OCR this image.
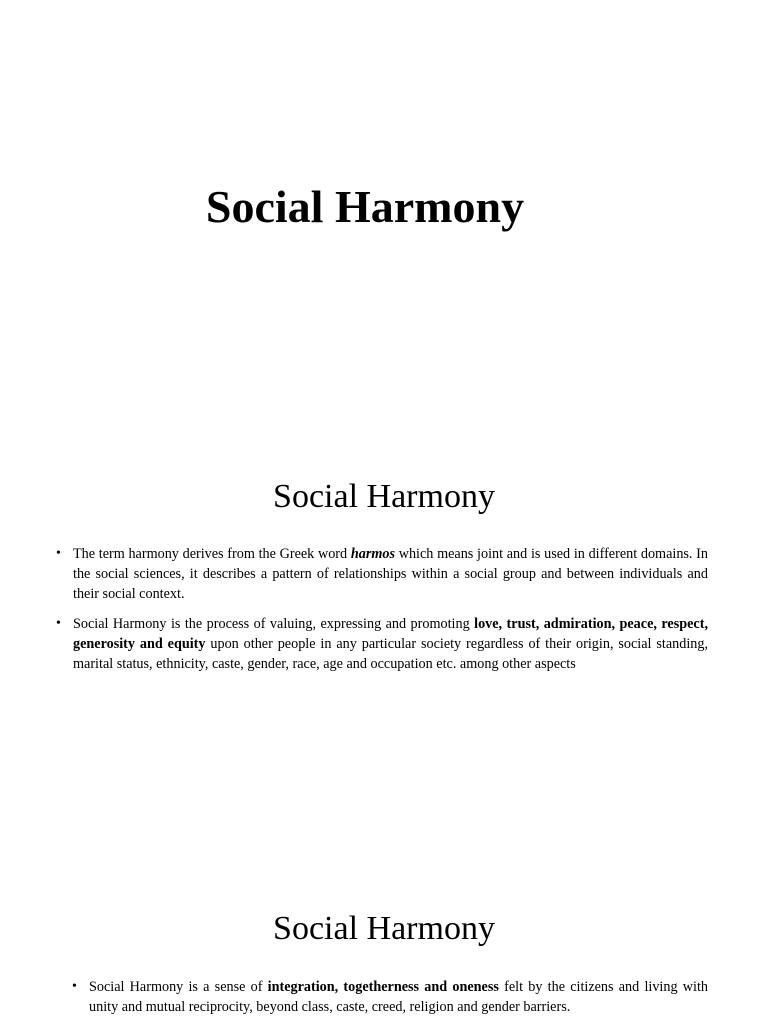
Social Harmony
Social Harmony
• The term harmony derives from the Greek word harmos which means joint and is used in different domains. In the social sciences, it describes a pattern of relationships within a social group and between individuals and their social context.
• Social Harmony is the process of valuing, expressing and promoting love, trust, admiration, peace, respect, generosity and equity upon other people in any particular society regardless of their origin, social standing, marital status, ethnicity, caste, gender, race, age and occupation etc. among other aspects
Social Harmony
• Social Harmony is a sense of integration, togetherness and oneness felt by the citizens and living with unity and mutual reciprocity, beyond class, caste, creed, religion and gender barriers.
